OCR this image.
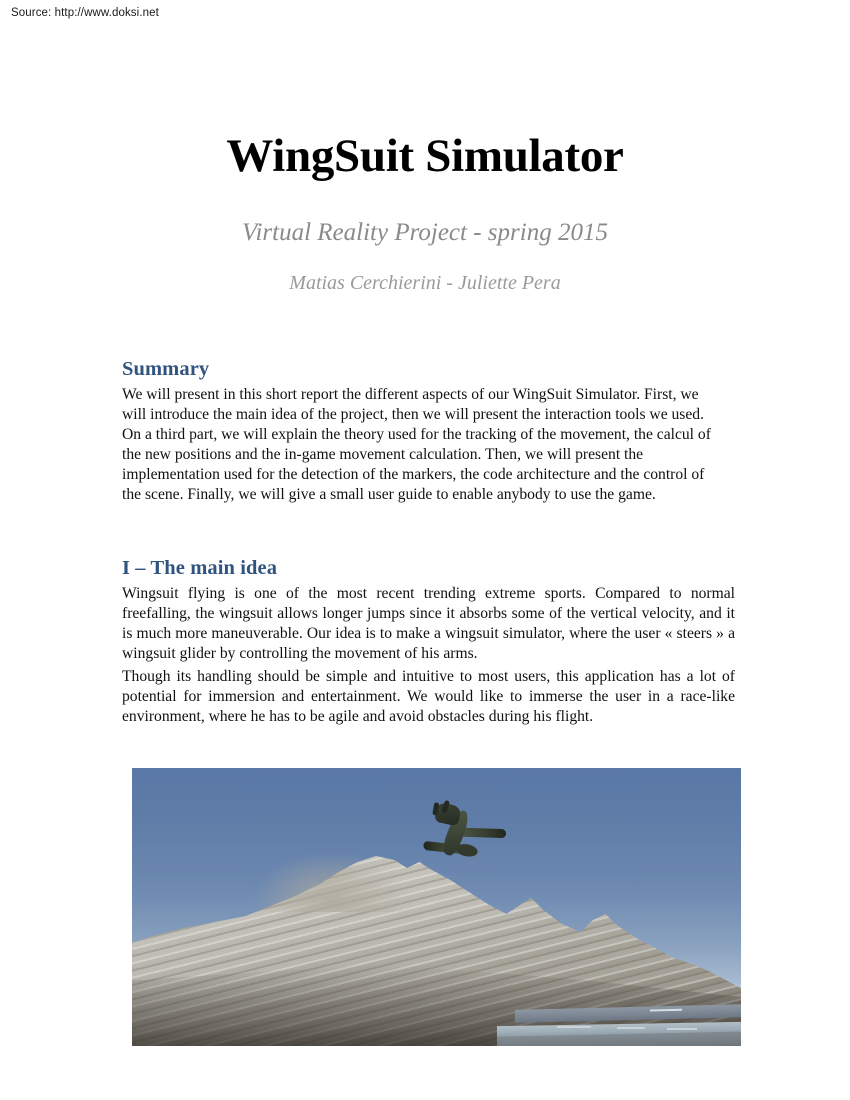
Source: http://www.doksi.net
WingSuit Simulator
Virtual Reality Project - spring 2015
Matias Cerchierini - Juliette Pera
Summary

We will present in this short report the different aspects of our WingSuit Simulator. First, we will introduce the main idea of the project, then we will present the interaction tools we used. On a third part, we will explain the theory used for the tracking of the movement, the calcul of the new positions and the in-game movement calculation. Then, we will present the implementation used for the detection of the markers, the code architecture and the control of the scene. Finally, we will give a small user guide to enable anybody to use the game.

I – The main idea

Wingsuit flying is one of the most recent trending extreme sports. Compared to normal freefalling, the wingsuit allows longer jumps since it absorbs some of the vertical velocity, and it is much more maneuverable. Our idea is to make a wingsuit simulator, where the user « steers » a wingsuit glider by controlling the movement of his arms.

Though its handling should be simple and intuitive to most users, this application has a lot of potential for immersion and entertainment. We would like to immerse the user in a race-like environment, where he has to be agile and avoid obstacles during his flight.
